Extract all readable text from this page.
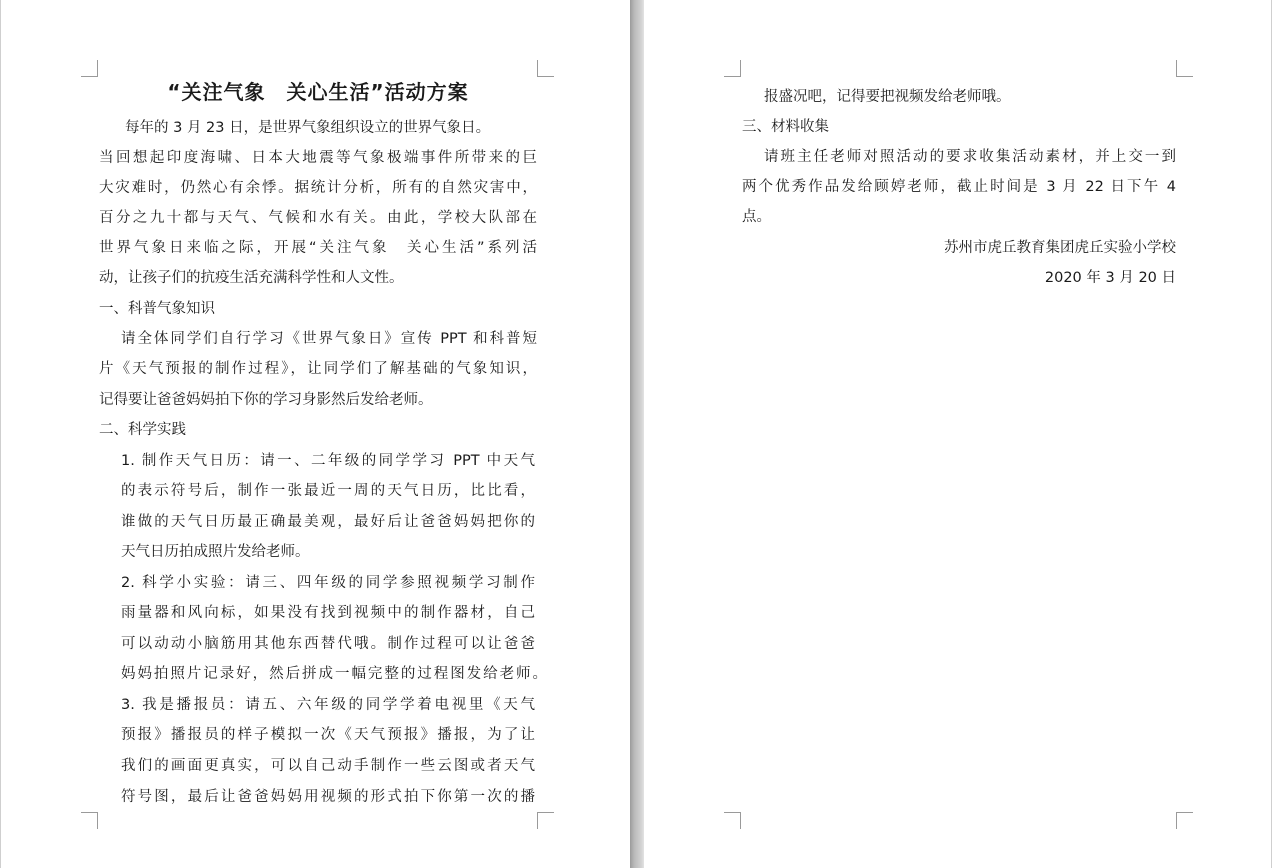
“关注气象　关心生活”活动方案
每年的 3 月 23 日，是世界气象组织设立的世界气象日。
当回想起印度海啸、日本大地震等气象极端事件所带来的巨
大灾难时，仍然心有余悸。据统计分析，所有的自然灾害中，
百分之九十都与天气、气候和水有关。由此，学校大队部在
世界气象日来临之际，开展“关注气象　关心生活”系列活
动，让孩子们的抗疫生活充满科学性和人文性。
一、科普气象知识
请全体同学们自行学习《世界气象日》宣传 PPT 和科普短
片《天气预报的制作过程》，让同学们了解基础的气象知识，
记得要让爸爸妈妈拍下你的学习身影然后发给老师。
二、科学实践
1. 制作天气日历：请一、二年级的同学学习 PPT 中天气
的表示符号后，制作一张最近一周的天气日历，比比看，
谁做的天气日历最正确最美观，最好后让爸爸妈妈把你的
天气日历拍成照片发给老师。
2. 科学小实验：请三、四年级的同学参照视频学习制作
雨量器和风向标，如果没有找到视频中的制作器材，自己
可以动动小脑筋用其他东西替代哦。制作过程可以让爸爸
妈妈拍照片记录好，然后拼成一幅完整的过程图发给老师。
3. 我是播报员：请五、六年级的同学学着电视里《天气
预报》播报员的样子模拟一次《天气预报》播报，为了让
我们的画面更真实，可以自己动手制作一些云图或者天气
符号图，最后让爸爸妈妈用视频的形式拍下你第一次的播
报盛况吧，记得要把视频发给老师哦。
三、材料收集
请班主任老师对照活动的要求收集活动素材，并上交一到
两个优秀作品发给顾婷老师，截止时间是 3 月 22 日下午 4
点。
苏州市虎丘教育集团虎丘实验小学校
2020 年 3 月 20 日
